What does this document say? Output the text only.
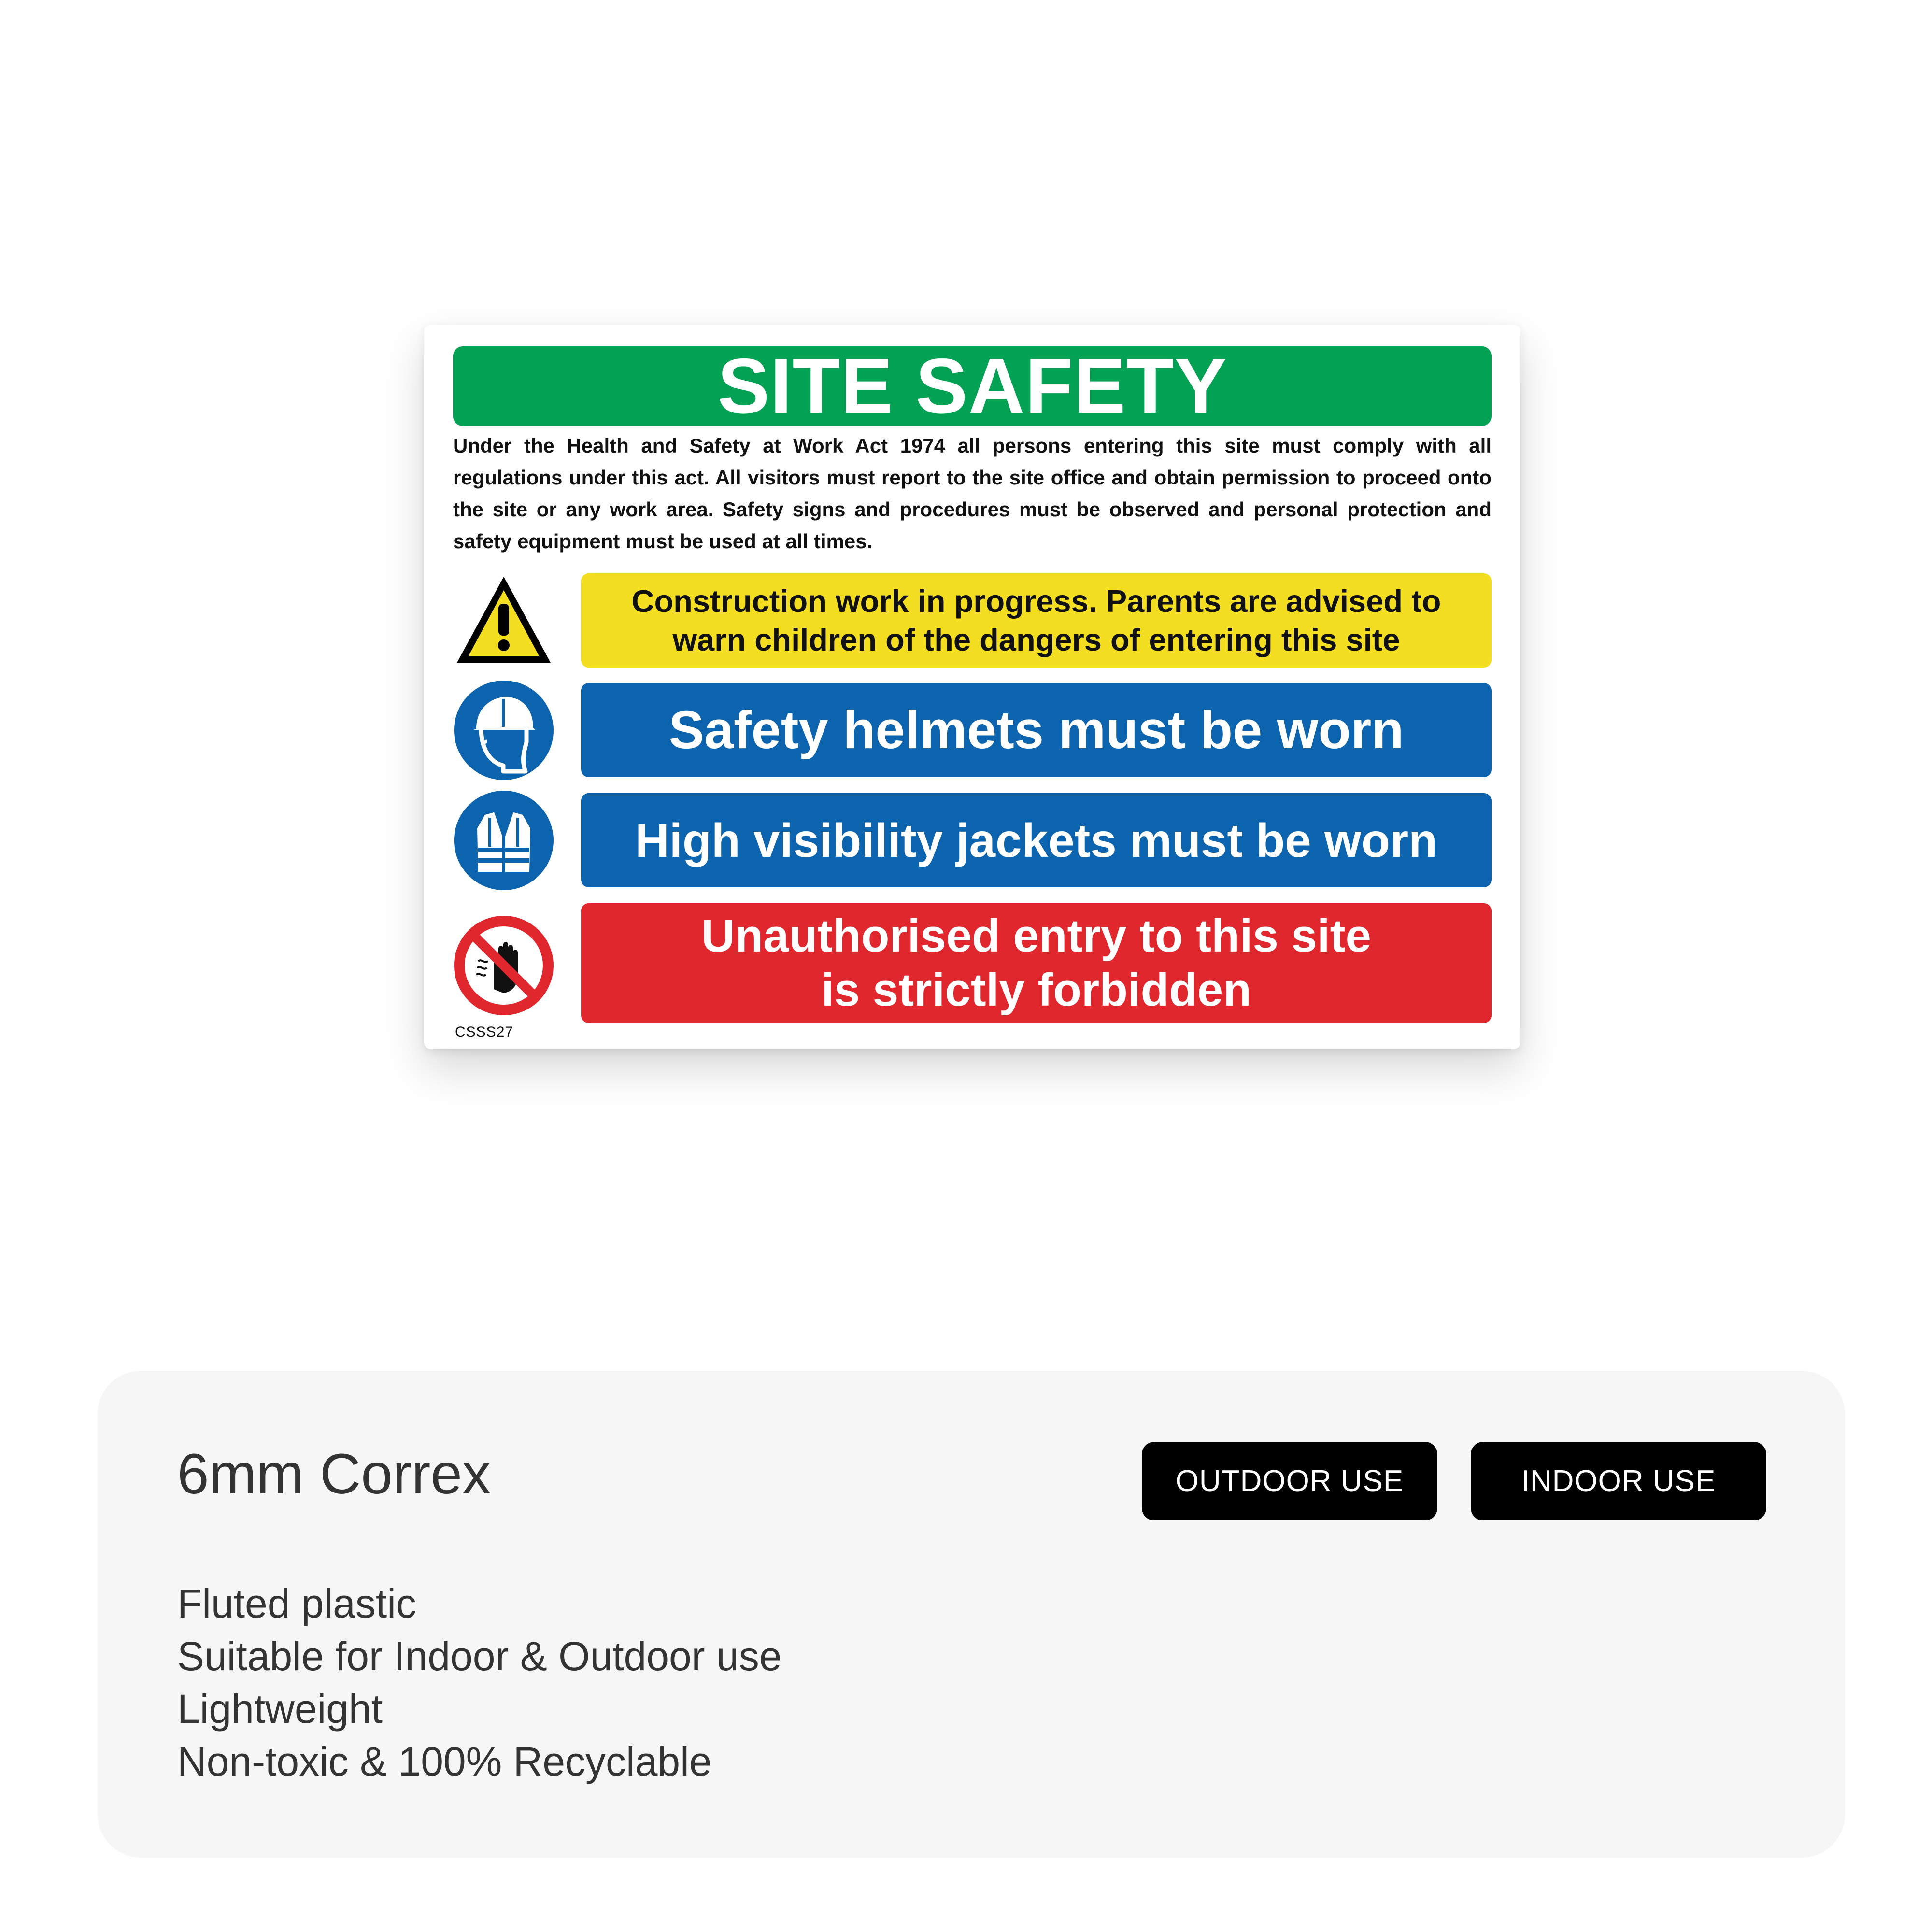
SITE SAFETY

Under the Health and Safety at Work Act 1974 all persons entering this site must comply with all regulations under this act. All visitors must report to the site office and obtain permission to proceed onto the site or any work area. Safety signs and procedures must be observed and personal protection and safety equipment must be used at all times.

Construction work in progress. Parents are advised to
warn children of the dangers of entering this site
Safety helmets must be worn
High visibility jackets must be worn
Unauthorised entry to this site
is strictly forbidden
CSSS27
6mm Correx	OUTDOOR USE	INDOOR USE
Fluted plastic
Suitable for Indoor & Outdoor use
Lightweight
Non-toxic & 100% Recyclable
